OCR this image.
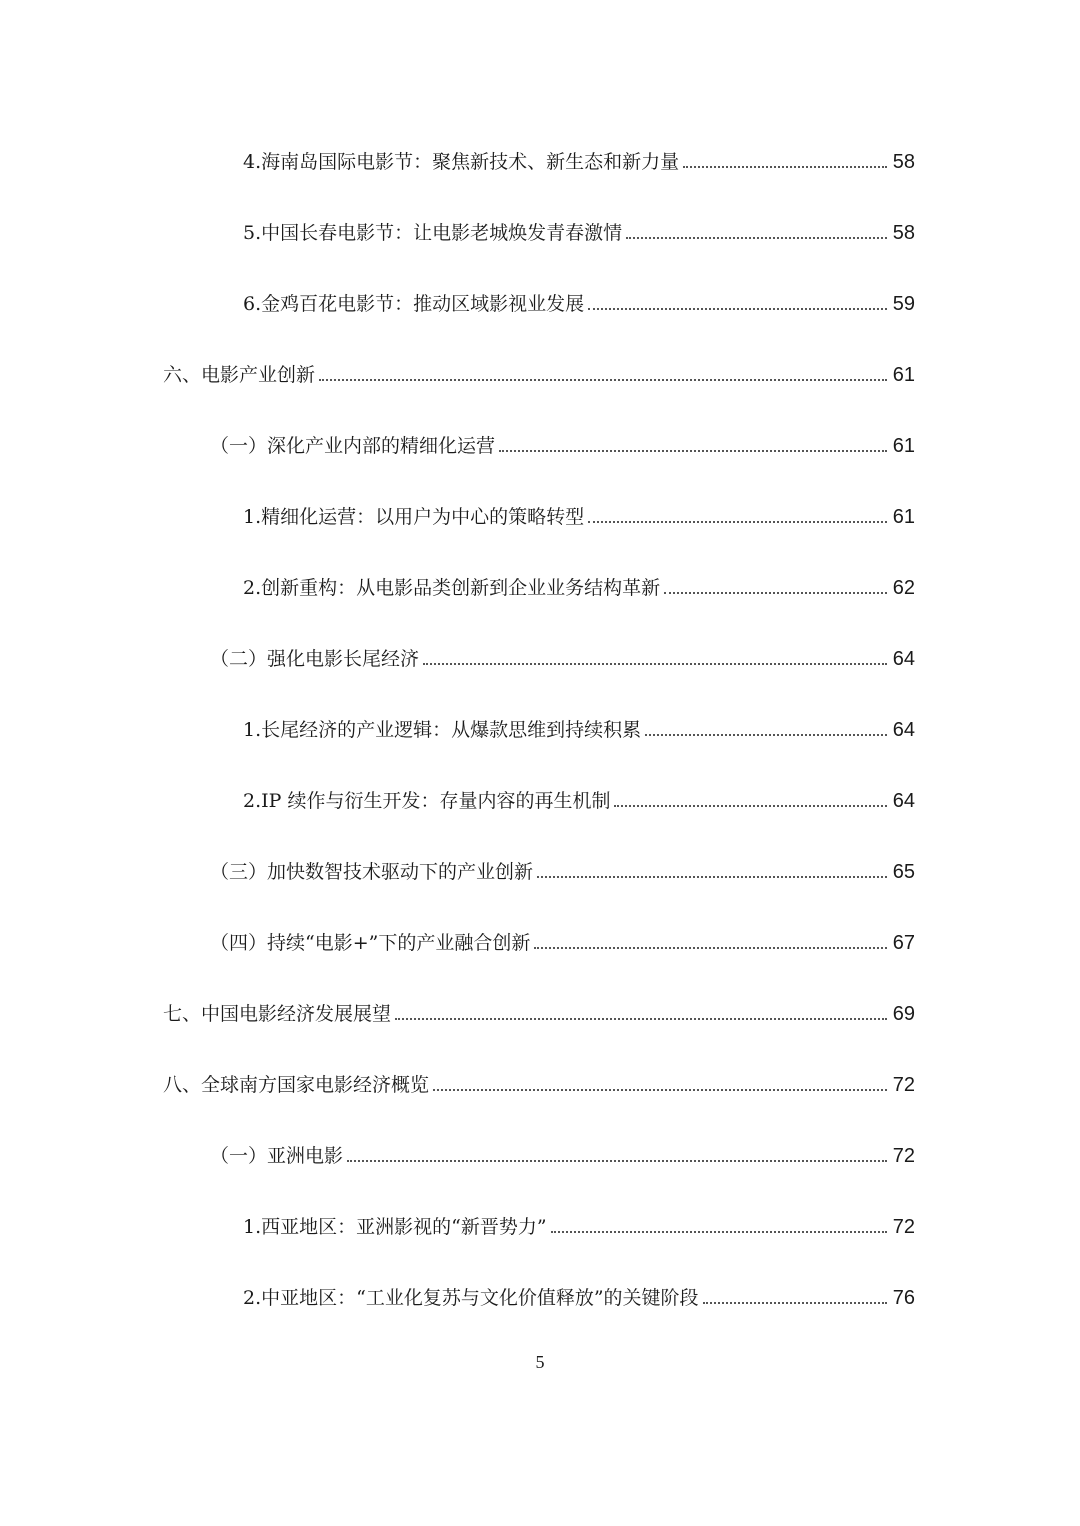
4.海南岛国际电影节：聚焦新技术、新生态和新力量	58
5.中国长春电影节：让电影老城焕发青春激情	58
6.金鸡百花电影节：推动区域影视业发展	59
六、电影产业创新	61
（一）深化产业内部的精细化运营	61
1.精细化运营：以用户为中心的策略转型	61
2.创新重构：从电影品类创新到企业业务结构革新	62
（二）强化电影长尾经济	64
1.长尾经济的产业逻辑：从爆款思维到持续积累	64
2.IP 续作与衍生开发：存量内容的再生机制	64
（三）加快数智技术驱动下的产业创新	65
（四）持续“电影+”下的产业融合创新	67
七、中国电影经济发展展望	69
八、全球南方国家电影经济概览	72
（一）亚洲电影	72
1.西亚地区：亚洲影视的“新晋势力”	72
2.中亚地区：“工业化复苏与文化价值释放”的关键阶段	76
5
